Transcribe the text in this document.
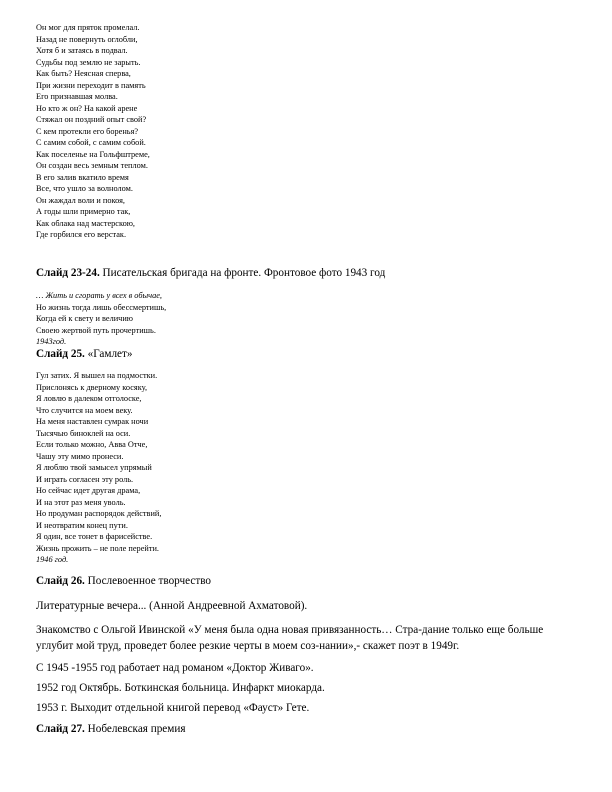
Он мог для пряток промелал.
Назад не повернуть оглобли,
Хотя б и затаясь в подвал.
Судьбы под землю не зарыть.
Как быть? Неясная сперва,
При жизни переходит в память
Его признавшая молва.
Но кто ж он? На какой арене
Стяжал он поздний опыт свой?
С кем протекли его боренья?
С самим собой, с самим собой.
Как поселенье на Гольфштреме,
Он создан весь земным теплом.
В его залив вкатило время
Все, что ушло за волнолом.
Он жаждал воли и покоя,
А годы шли примерно так,
Как облака над мастерскою,
Где горбился его верстак.
Слайд 23-24. Писательская бригада на фронте. Фронтовое фото 1943 год
… Жить и сгорать у всех в обычае,
Но жизнь тогда лишь обессмертишь,
Когда ей к свету и величию
Своею жертвой путь прочертишь.
1943год.
Слайд 25. «Гамлет»
Гул затих. Я вышел на подмостки.
Прислонясь к дверному косяку,
Я ловлю в далеком отголоске,
Что случится на моем веку.
На меня наставлен сумрак ночи
Тысячью биноклей на оси.
Если только можно, Авва Отче,
Чашу эту мимо пронеси.
Я люблю твой замысел упрямый
И играть согласен эту роль.
Но сейчас идет другая драма,
И на этот раз меня уволь.
Но продуман распорядок действий,
И неотвратим конец пути.
Я один, все тонет в фарисействе.
Жизнь прожить – не поле перейти.
1946 год.
Слайд 26. Послевоенное творчество
Литературные вечера... (Анной Андреевной Ахматовой).
Знакомство с Ольгой Ивинской «У меня была одна новая привязанность… Стра-дание только еще больше углубит мой труд, проведет более резкие черты в моем соз-нании»,- скажет поэт в 1949г.
С 1945 -1955 год работает над романом «Доктор Живаго».
1952 год Октябрь. Боткинская больница. Инфаркт миокарда.
1953 г. Выходит отдельной книгой перевод «Фауст» Гете.
Слайд 27. Нобелевская премия
